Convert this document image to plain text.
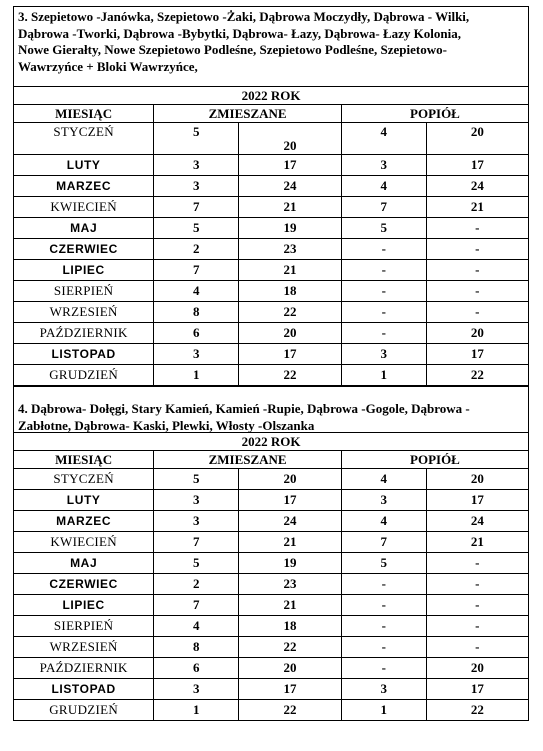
3. Szepietowo -Janówka, Szepietowo -Żaki, Dąbrowa Moczydły, Dąbrowa - Wilki,
Dąbrowa -Tworki, Dąbrowa -Bybytki, Dąbrowa- Łazy, Dąbrowa- Łazy Kolonia,
Nowe Gierałty, Nowe Szepietowo Podleśne, Szepietowo Podleśne, Szepietowo-
Wawrzyńce + Bloki Wawrzyńce,
2022 ROK				
MIESIĄC	ZMIESZANE		POPIÓŁ	
STYCZEŃ	5	20	4	20
LUTY	3	17	3	17
MARZEC	3	24	4	24
KWIECIEŃ	7	21	7	21
MAJ	5	19	5	-
CZERWIEC	2	23	-	-
LIPIEC	7	21	-	-
SIERPIEŃ	4	18	-	-
WRZESIEŃ	8	22	-	-
PAŹDZIERNIK	6	20	-	20
LISTOPAD	3	17	3	17
GRUDZIEŃ	1	22	1	22
4. Dąbrowa- Dołęgi, Stary Kamień, Kamień -Rupie, Dąbrowa -Gogole, Dąbrowa -
Zabłotne, Dąbrowa- Kaski, Plewki, Włosty -Olszanka
2022 ROK				
MIESIĄC	ZMIESZANE		POPIÓŁ	
STYCZEŃ	5	20	4	20
LUTY	3	17	3	17
MARZEC	3	24	4	24
KWIECIEŃ	7	21	7	21
MAJ	5	19	5	-
CZERWIEC	2	23	-	-
LIPIEC	7	21	-	-
SIERPIEŃ	4	18	-	-
WRZESIEŃ	8	22	-	-
PAŹDZIERNIK	6	20	-	20
LISTOPAD	3	17	3	17
GRUDZIEŃ	1	22	1	22
